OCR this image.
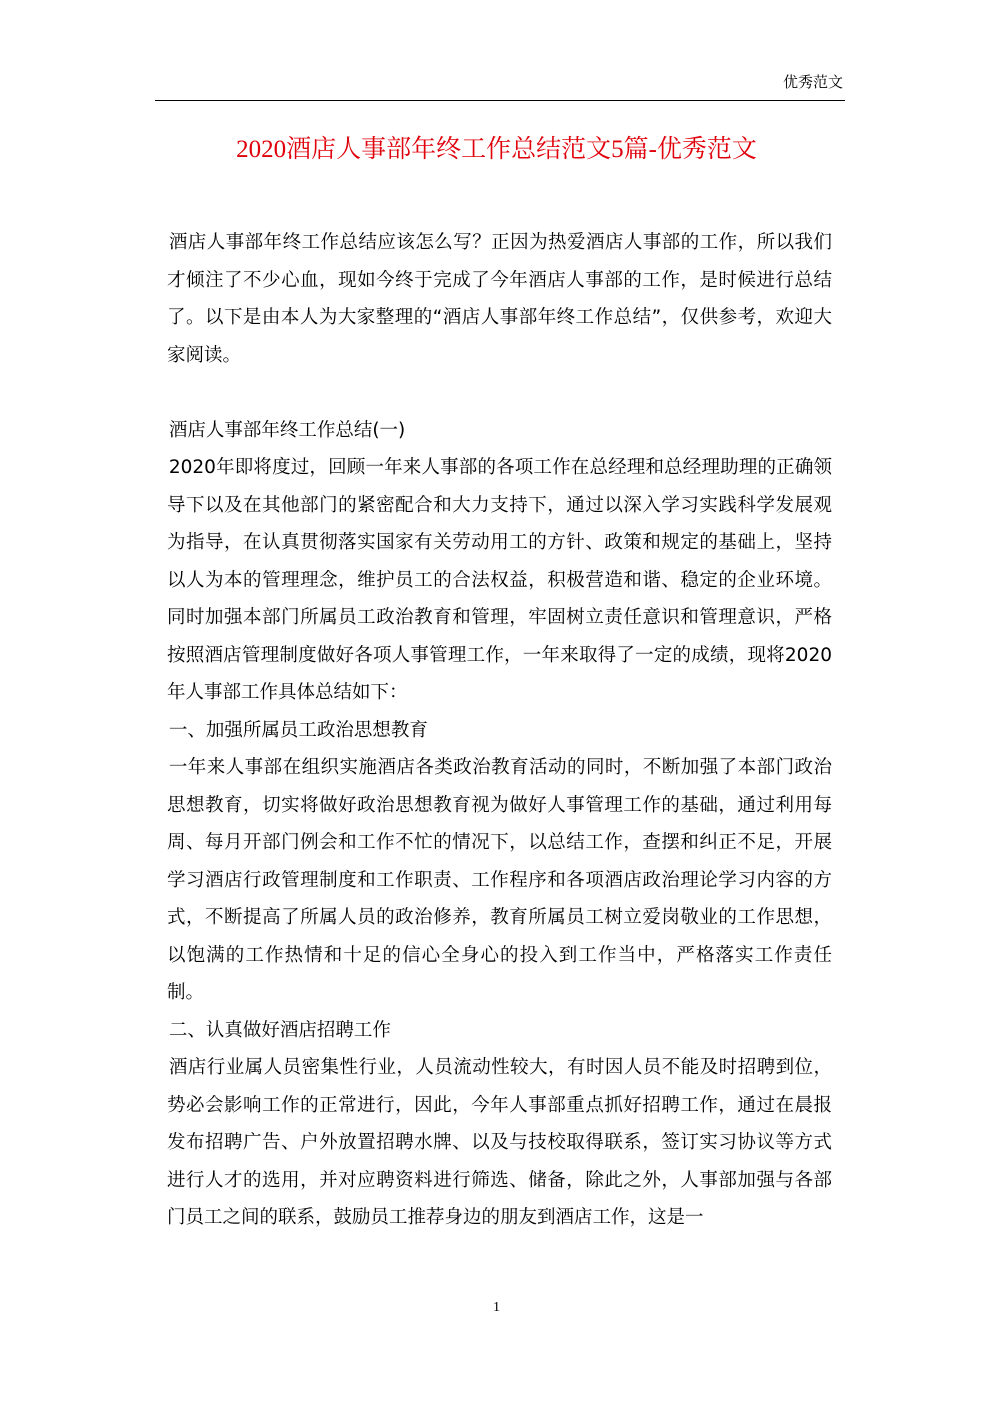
优秀范文
2020酒店人事部年终工作总结范文5篇-优秀范文

酒店人事部年终工作总结应该怎么写？正因为热爱酒店人事部的工作，所以我们才倾注了不少心血，现如今终于完成了今年酒店人事部的工作，是时候进行总结了。以下是由本人为大家整理的“酒店人事部年终工作总结”，仅供参考，欢迎大家阅读。

酒店人事部年终工作总结(一)

2020年即将度过，回顾一年来人事部的各项工作在总经理和总经理助理的正确领导下以及在其他部门的紧密配合和大力支持下，通过以深入学习实践科学发展观为指导，在认真贯彻落实国家有关劳动用工的方针、政策和规定的基础上，坚持以人为本的管理理念，维护员工的合法权益，积极营造和谐、稳定的企业环境。同时加强本部门所属员工政治教育和管理，牢固树立责任意识和管理意识，严格按照酒店管理制度做好各项人事管理工作，一年来取得了一定的成绩，现将2020年人事部工作具体总结如下：

一、加强所属员工政治思想教育

一年来人事部在组织实施酒店各类政治教育活动的同时，不断加强了本部门政治思想教育，切实将做好政治思想教育视为做好人事管理工作的基础，通过利用每周、每月开部门例会和工作不忙的情况下，以总结工作，查摆和纠正不足，开展学习酒店行政管理制度和工作职责、工作程序和各项酒店政治理论学习内容的方式，不断提高了所属人员的政治修养，教育所属员工树立爱岗敬业的工作思想，以饱满的工作热情和十足的信心全身心的投入到工作当中，严格落实工作责任制。

二、认真做好酒店招聘工作

酒店行业属人员密集性行业，人员流动性较大，有时因人员不能及时招聘到位，势必会影响工作的正常进行，因此，今年人事部重点抓好招聘工作，通过在晨报发布招聘广告、户外放置招聘水牌、以及与技校取得联系，签订实习协议等方式进行人才的选用，并对应聘资料进行筛选、储备，除此之外，人事部加强与各部门员工之间的联系，鼓励员工推荐身边的朋友到酒店工作，这是一

1
